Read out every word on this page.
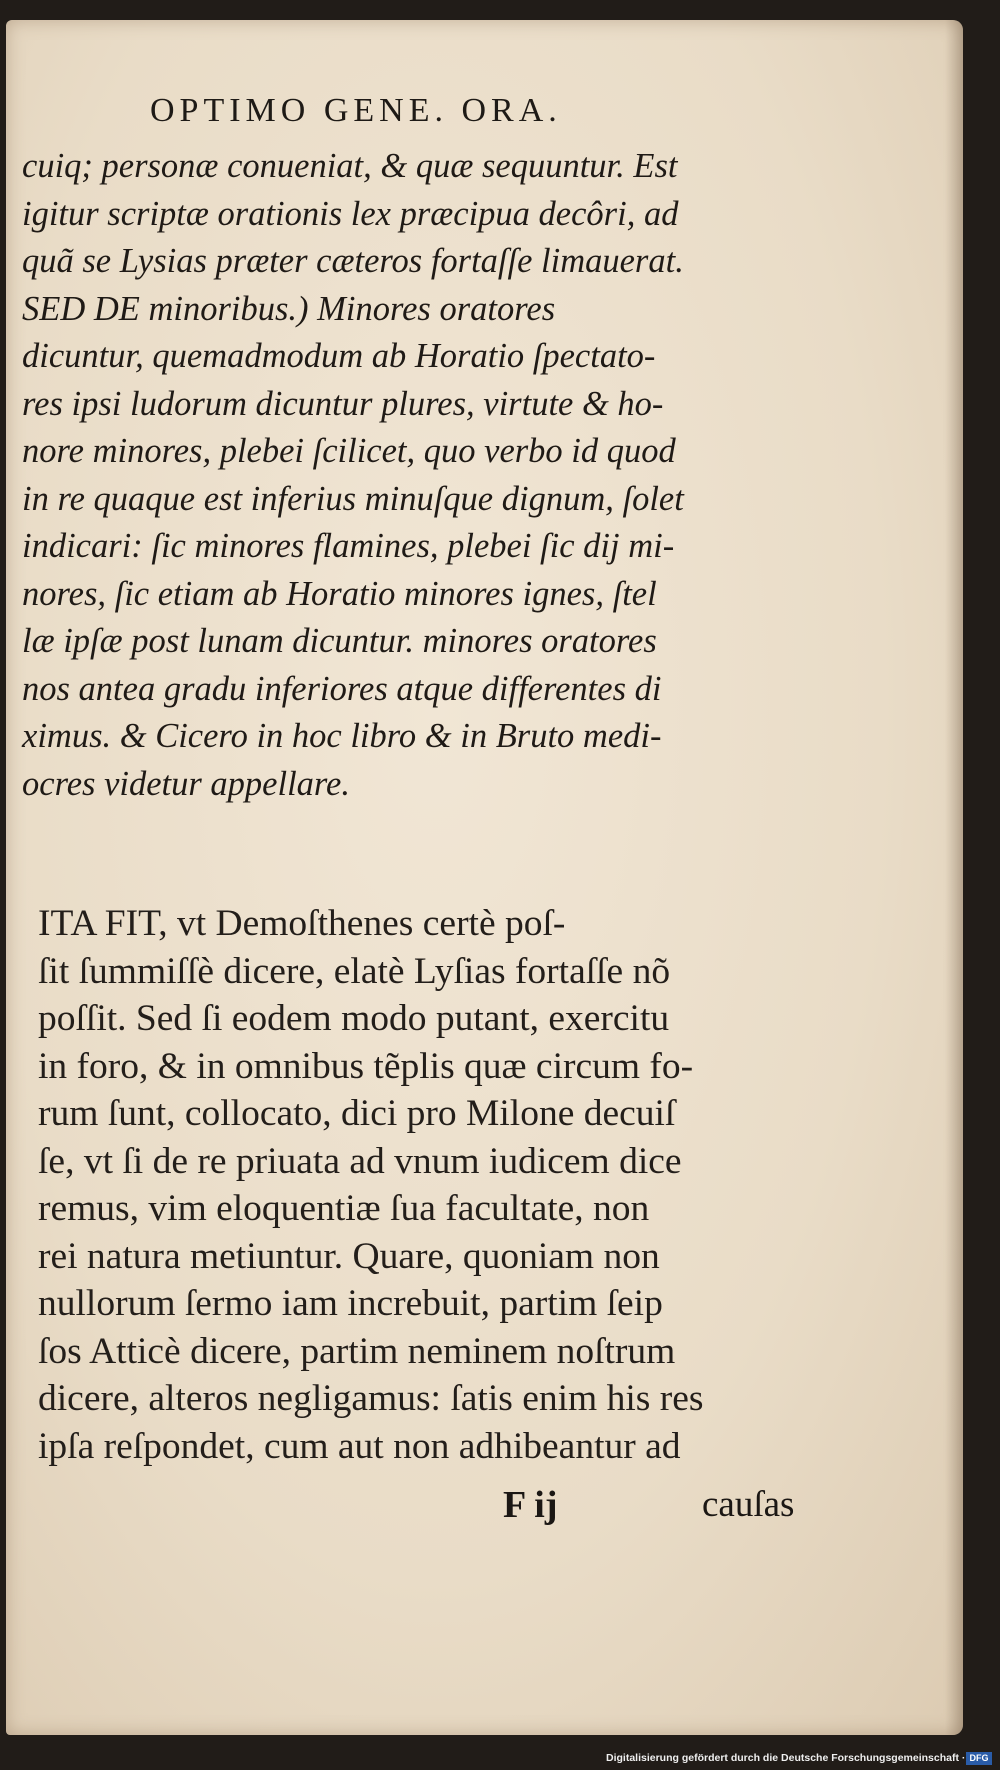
OPTIMO GENE. ORA.
cuiq; personæ conueniat, & quæ sequuntur. Est
igitur scriptæ orationis lex præcipua decôri, ad
quã se Lysias præter cæteros fortaſſe limauerat.
SED DE minoribus.) Minores oratores
dicuntur, quemadmodum ab Horatio ſpectato-
res ipsi ludorum dicuntur plures, virtute & ho-
nore minores, plebei ſcilicet, quo verbo id quod
in re quaque est inferius minuſque dignum, ſolet
indicari: ſic minores flamines, plebei ſic dij mi-
nores, ſic etiam ab Horatio minores ignes, ſtel
læ ipſæ post lunam dicuntur. minores oratores
nos antea gradu inferiores atque differentes di
ximus. & Cicero in hoc libro & in Bruto medi-
ocres videtur appellare.
ITA FIT, vt Demoſthenes certè poſ-
ſit ſummiſſè dicere, elatè Lyſias fortaſſe nõ
poſſit. Sed ſi eodem modo putant, exercitu
in foro, & in omnibus tẽplis quæ circum fo-
rum ſunt, collocato, dici pro Milone decuiſ
ſe, vt ſi de re priuata ad vnum iudicem dice
remus, vim eloquentiæ ſua facultate, non
rei natura metiuntur. Quare, quoniam non
nullorum ſermo iam increbuit, partim ſeip
ſos Atticè dicere, partim neminem noſtrum
dicere, alteros negligamus: ſatis enim his res
ipſa reſpondet, cum aut non adhibeantur ad
F ij	cauſas
Digitalisierung gefördert durch die Deutsche Forschungsgemeinschaft · DFG
